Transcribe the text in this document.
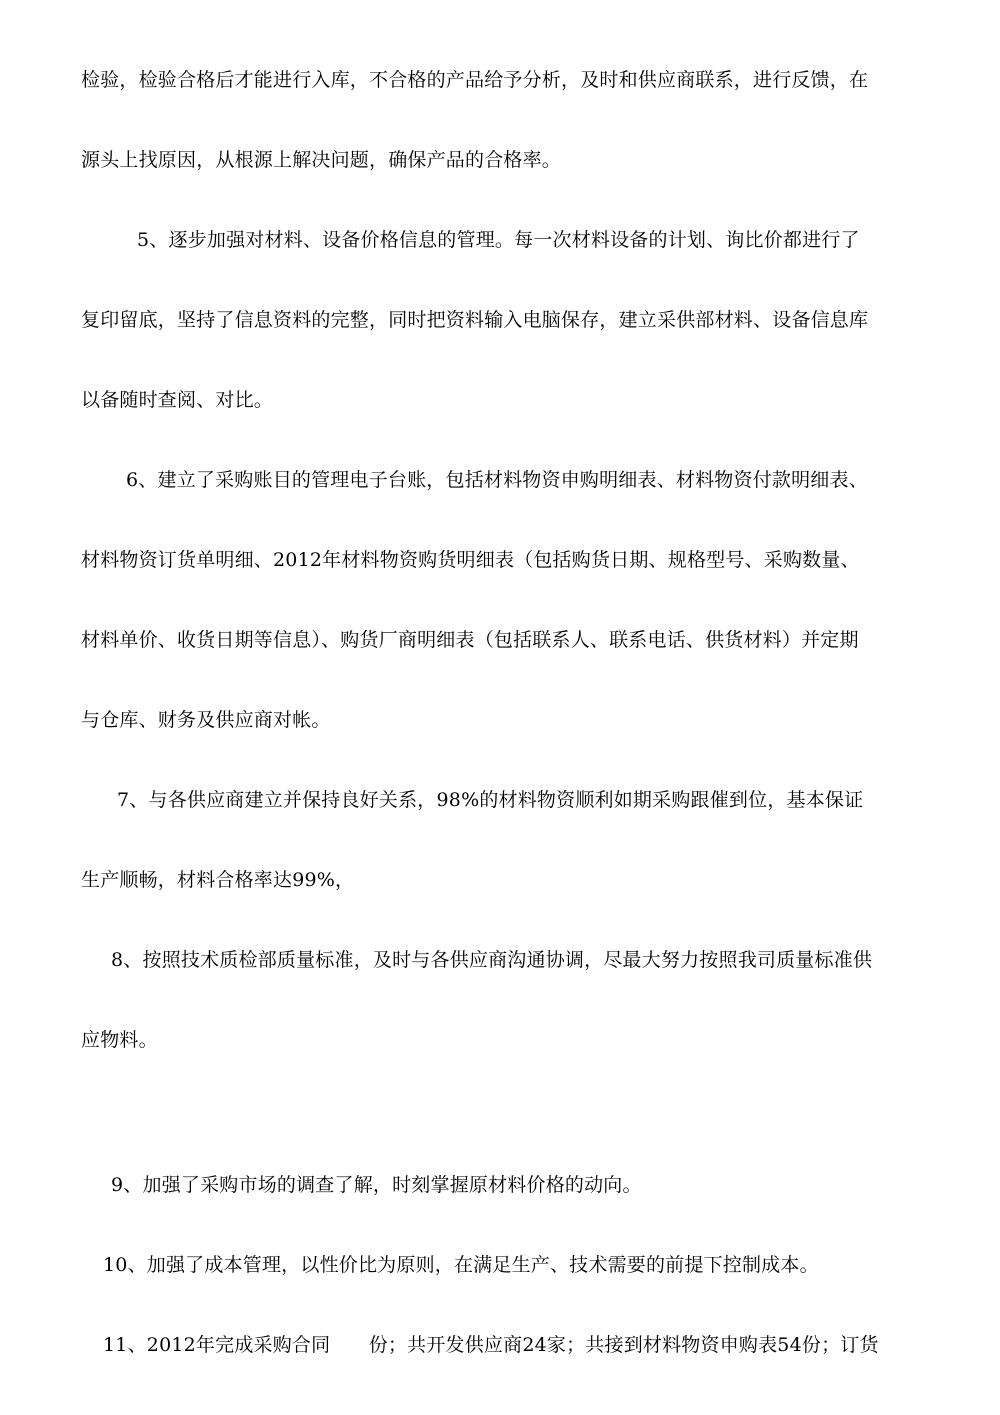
检验，检验合格后才能进行入库，不合格的产品给予分析，及时和供应商联系，进行反馈，在
源头上找原因，从根源上解决问题，确保产品的合格率。
5、逐步加强对材料、设备价格信息的管理。每一次材料设备的计划、询比价都进行了
复印留底，坚持了信息资料的完整，同时把资料输入电脑保存，建立采供部材料、设备信息库
以备随时查阅、对比。
6、建立了采购账目的管理电子台账，包括材料物资申购明细表、材料物资付款明细表、
材料物资订货单明细、2012年材料物资购货明细表（包括购货日期、规格型号、采购数量、
材料单价、收货日期等信息）、购货厂商明细表（包括联系人、联系电话、供货材料）并定期
与仓库、财务及供应商对帐。
7、与各供应商建立并保持良好关系，98%的材料物资顺利如期采购跟催到位，基本保证
生产顺畅，材料合格率达99%，
8、按照技术质检部质量标准，及时与各供应商沟通协调，尽最大努力按照我司质量标准供
应物料。
9、加强了采购市场的调查了解，时刻掌握原材料价格的动向。
10、加强了成本管理，以性价比为原则，在满足生产、技术需要的前提下控制成本。
11、2012年完成采购合同　　份；共开发供应商24家；共接到材料物资申购表54份；订货
